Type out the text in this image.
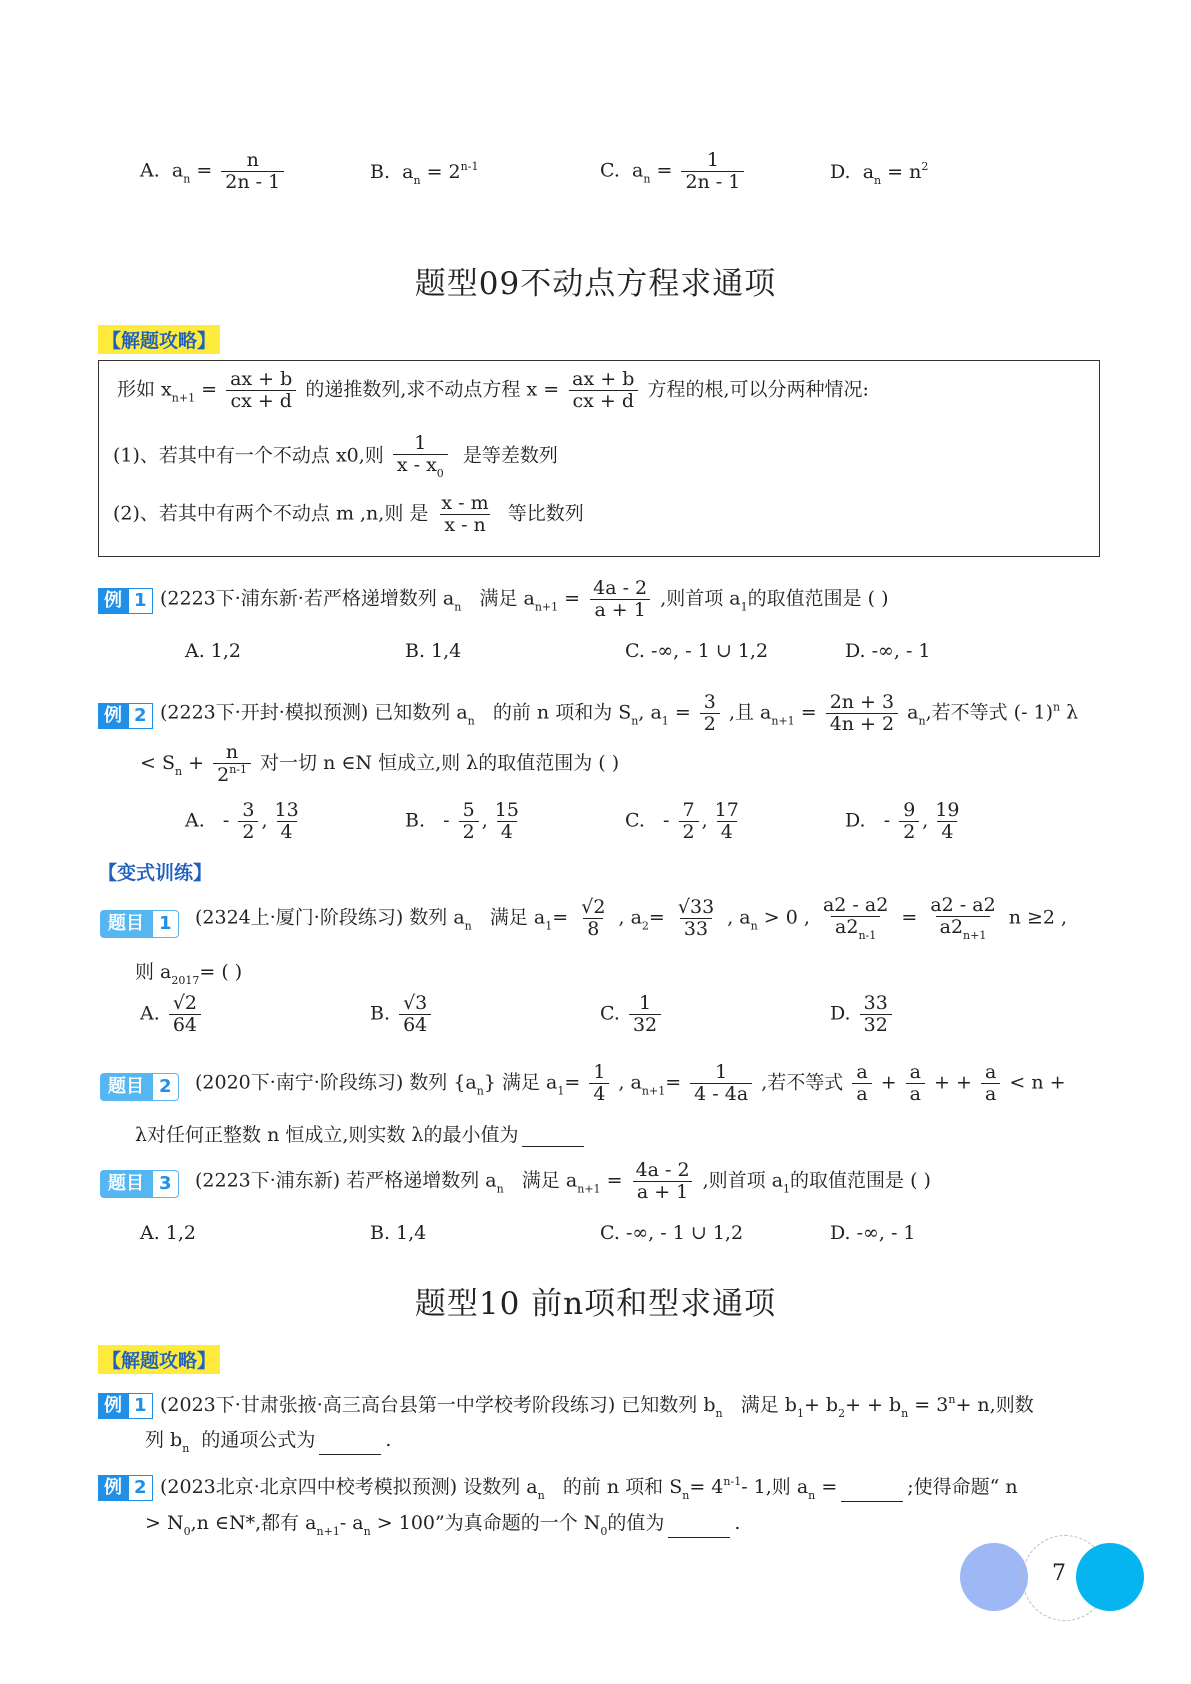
A. $a_n = \frac{n}{2n - 1}$	B. $a_n = 2^{n-1}$	C. $a_n = \frac{1}{2n - 1}$	D. $a_n = n^2$
题型09不动点方程求通项
【解题攻略】
形如 $x_{n+1} = \frac{ax + b}{cx + d}$ 的递推数列,求不动点方程 $x = \frac{ax + b}{cx + d}$ 方程的根,可以分两种情况:
(1)、若其中有一个不动点 x0,则 $\frac{1}{x - x_0}$ 是等差数列
(2)、若其中有两个不动点 m ,n,则 是 $\frac{x - m}{x - n}$ 等比数列
例 1 (2223下·浦东新·若严格递增数列 $a_n$ 满足 $a_{n+1} = \frac{4a - 2}{a + 1}$ ,则首项 $a_1$的取值范围是 ( )
A. 1,2	B. 1,4	C. -∞, - 1 ∪ 1,2	D. -∞, - 1
例 2 (2223下·开封·模拟预测) 已知数列 $a_n$ 的前 n 项和为 $S_n$, $a_1 = \frac{3}{2}$ ,且 $a_{n+1} = \frac{2n + 3}{4n + 2} a_n$,若不等式 (- 1)$^n$ λ
< $S_n + \frac{n}{2^{n-1}}$ 对一切 n ∈N 恒成立,则 λ的取值范围为 ( )
A. - $\frac{3}{2}$ , $\frac{13}{4}$	B. - $\frac{5}{2}$ , $\frac{15}{4}$	C. - $\frac{7}{2}$ , $\frac{17}{4}$	D. - $\frac{9}{2}$ , $\frac{19}{4}$
【变式训练】
题目 1	(2324上·厦门·阶段练习) 数列 $a_n$ 满足 $a_1= \frac{√2}{8}$ , $a_2= \frac{√33}{33}$ , $a_n > 0$ , $\frac{a2 - a2}{a2_{n-1}} = \frac{a2 - a2}{a2_{n+1}}$ n ≥2 ,
则 $a_{2017}=$ ( )
A. $\frac{√2}{64}$	B. $\frac{√3}{64}$	C. $\frac{1}{32}$	D. $\frac{33}{32}$
题目 2	(2020下·南宁·阶段练习) 数列 $\{a_n\}$ 满足 $a_1= \frac{1}{4}$ , $a_{n+1}= \frac{1}{4 - 4a}$ ,若不等式 $\frac{a}{a} + \frac{a}{a}$ + + $\frac{a}{a} < n$ +
λ对任何正整数 n 恒成立,则实数 λ的最小值为
题目 3	(2223下·浦东新) 若严格递增数列 $a_n$ 满足 $a_{n+1} = \frac{4a - 2}{a + 1}$ ,则首项 $a_1$的取值范围是 ( )
A. 1,2	B. 1,4	C. -∞, - 1 ∪ 1,2	D. -∞, - 1
题型10 前n项和型求通项
【解题攻略】
例 1 (2023下·甘肃张掖·高三高台县第一中学校考阶段练习) 已知数列 $b_n$ 满足 $b_1+ b_2+ + b_n = 3^n+ n$,则数
列 $b_n$ 的通项公式为	.
例 2 (2023北京·北京四中校考模拟预测) 设数列 $a_n$ 的前 n 项和 $S_n= 4^{n-1}-$ 1,则 $a_n$ =	;使得命题“ n
> $N_0,n$ ∈N*,都有 $a_{n+1}-$ $a_n > 100$”为真命题的一个 $N_0$的值为	.
7
